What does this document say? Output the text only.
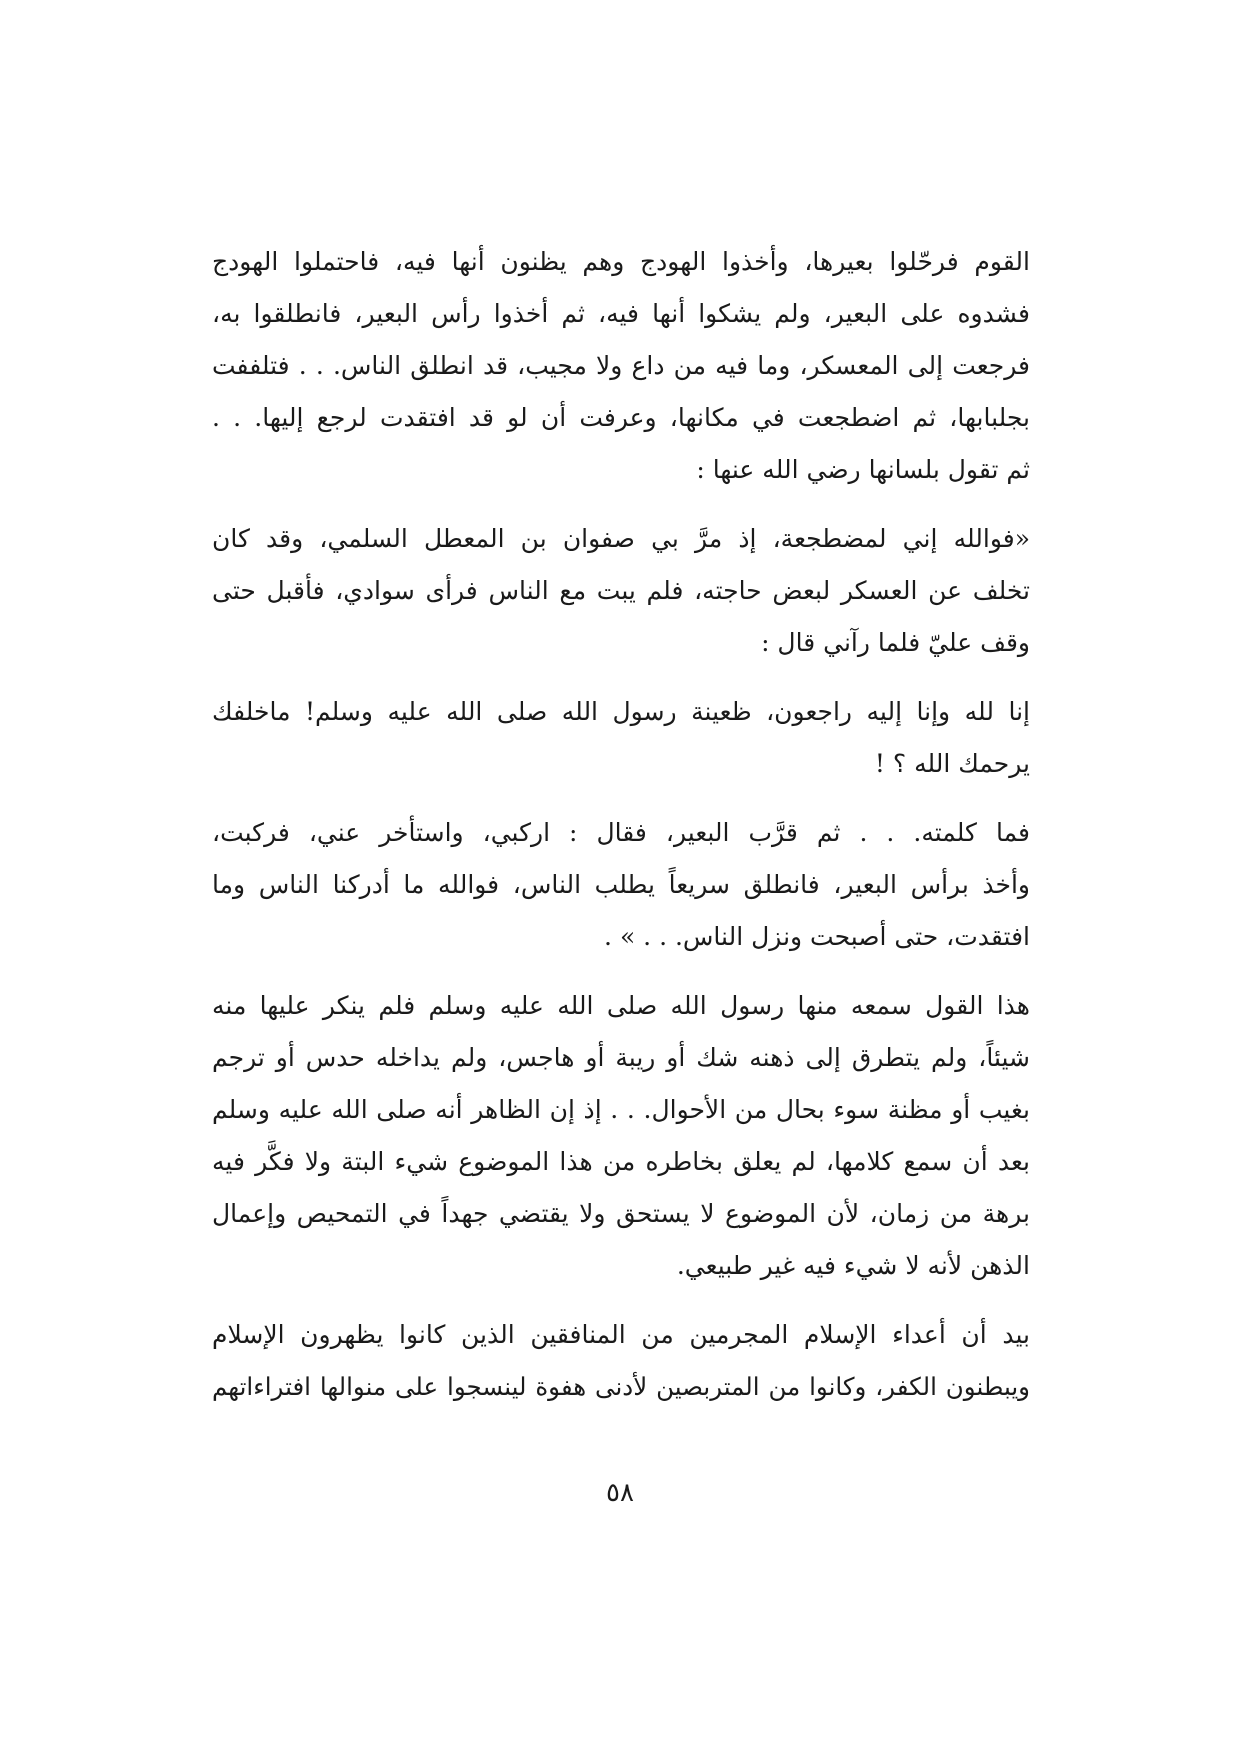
القوم فرحّلوا بعيرها، وأخذوا الهودج وهم يظنون أنها فيه، فاحتملوا الهودج
فشدوه على البعير، ولم يشكوا أنها فيه، ثم أخذوا رأس البعير، فانطلقوا به،
فرجعت إلى المعسكر، وما فيه من داع ولا مجيب، قد انطلق الناس. . . فتلففت
بجلبابها، ثم اضطجعت في مكانها، وعرفت أن لو قد افتقدت لرجع إليها. . .
ثم تقول بلسانها رضي الله عنها :

«فوالله إني لمضطجعة، إذ مرَّ بي صفوان بن المعطل السلمي، وقد كان
تخلف عن العسكر لبعض حاجته، فلم يبت مع الناس فرأى سوادي، فأقبل حتى
وقف عليّ فلما رآني قال :

إنا لله وإنا إليه راجعون، ظعينة رسول الله صلى الله عليه وسلم! ماخلفك
يرحمك الله ؟ !

فما كلمته. . . ثم قرَّب البعير، فقال : اركبي، واستأخر عني، فركبت،
وأخذ برأس البعير، فانطلق سريعاً يطلب الناس، فوالله ما أدركنا الناس وما
افتقدت، حتى أصبحت ونزل الناس. . . » .

هذا القول سمعه منها رسول الله صلى الله عليه وسلم فلم ينكر عليها منه
شيئاً، ولم يتطرق إلى ذهنه شك أو ريبة أو هاجس، ولم يداخله حدس أو ترجم
بغيب أو مظنة سوء بحال من الأحوال. . . إذ إن الظاهر أنه صلى الله عليه وسلم
بعد أن سمع كلامها، لم يعلق بخاطره من هذا الموضوع شيء البتة ولا فكَّر فيه
برهة من زمان، لأن الموضوع لا يستحق ولا يقتضي جهداً في التمحيص وإعمال
الذهن لأنه لا شيء فيه غير طبيعي.

بيد أن أعداء الإسلام المجرمين من المنافقين الذين كانوا يظهرون الإسلام
ويبطنون الكفر، وكانوا من المتربصين لأدنى هفوة لينسجوا على منوالها افتراءاتهم

٥٨
